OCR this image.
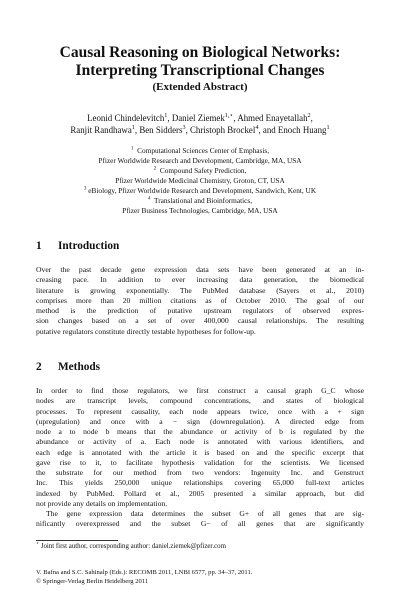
Causal Reasoning on Biological Networks:
Interpreting Transcriptional Changes
(Extended Abstract)
Leonid Chindelevitch$^1$, Daniel Ziemek$^{1,⋆}$, Ahmed Enayetallah$^2$,
Ranjit Randhawa$^1$, Ben Sidders$^3$, Christoph Brockel$^4$, and Enoch Huang$^1$
$^1$ Computational Sciences Center of Emphasis,
Pfizer Worldwide Research and Development, Cambridge, MA, USA
$^2$ Compound Safety Prediction,
Pfizer Worldwide Medicinal Chemistry, Groton, CT, USA
$^3$ eBiology, Pfizer Worldwide Research and Development, Sandwich, Kent, UK
$^4$ Translational and Bioinformatics,
Pfizer Business Technologies, Cambridge, MA, USA
1 Introduction
Over the past decade gene expression data sets have been generated at an in-
creasing pace. In addition to ever increasing data generation, the biomedical
literature is growing exponentially. The PubMed database (Sayers et al., 2010)
comprises more than 20 million citations as of October 2010. The goal of our
method is the prediction of putative upstream regulators of observed expres-
sion changes based on a set of over 400,000 causal relationships. The resulting
putative regulators constitute directly testable hypotheses for follow-up.
2 Methods
In order to find those regulators, we first construct a causal graph G_C whose
nodes are transcript levels, compound concentrations, and states of biological
processes. To represent causality, each node appears twice, once with a + sign
(upregulation) and once with a − sign (downregulation). A directed edge from
node a to node b means that the abundance or activity of b is regulated by the
abundance or activity of a. Each node is annotated with various identifiers, and
each edge is annotated with the article it is based on and the specific excerpt that
gave rise to it, to facilitate hypothesis validation for the scientists. We licensed
the substrate for our method from two vendors: Ingenuity Inc. and Genstruct
Inc. This yields 250,000 unique relationships covering 65,000 full-text articles
indexed by PubMed. Pollard et al., 2005 presented a similar approach, but did
not provide any details on implementation.
The gene expression data determines the subset G+ of all genes that are sig-
nificantly overexpressed and the subset G− of all genes that are significantly
⋆ Joint first author, corresponding author: daniel.ziemek@pfizer.com
V. Bafna and S.C. Sahinalp (Eds.): RECOMB 2011, LNBI 6577, pp. 34–37, 2011.
© Springer-Verlag Berlin Heidelberg 2011
